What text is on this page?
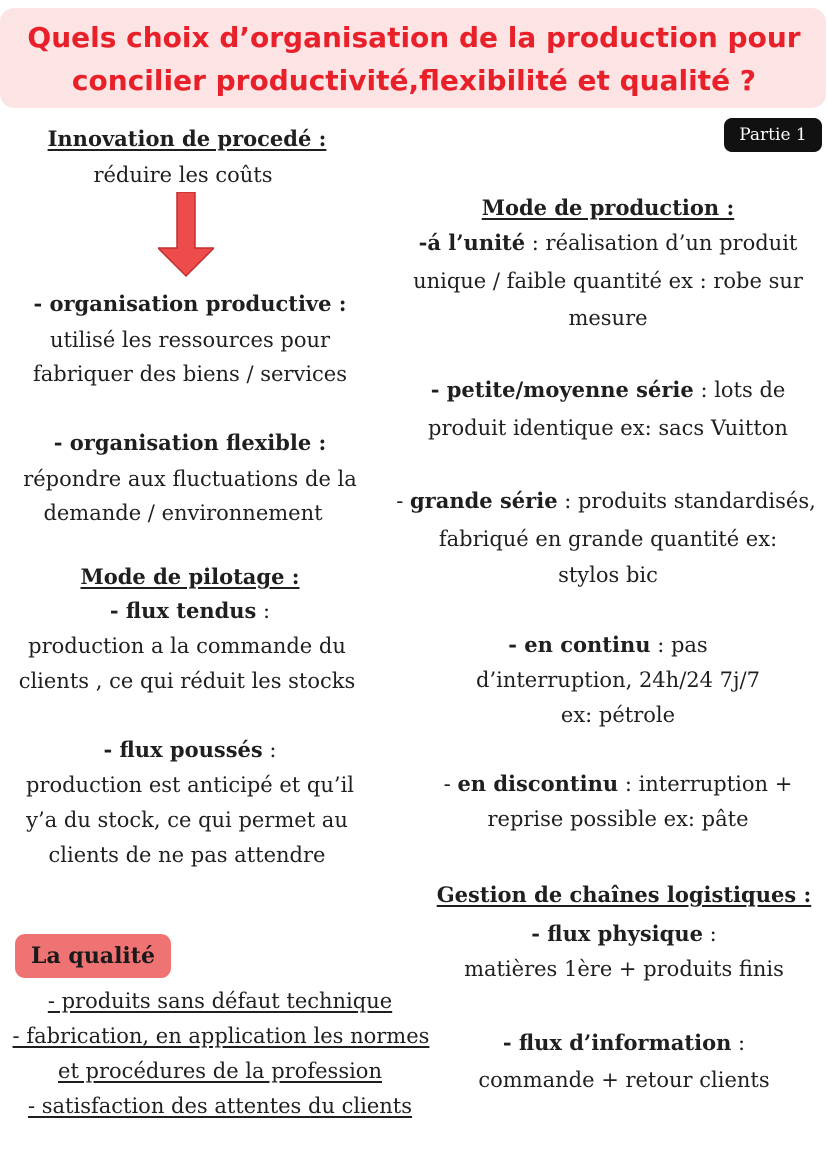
Quels choix d’organisation de la production pour
concilier productivité,flexibilité et qualité ?
Partie 1
Innovation de procedé :
réduire les coûts
- organisation productive :
utilisé les ressources pour
fabriquer des biens / services
- organisation flexible :
répondre aux fluctuations de la
demande / environnement
Mode de pilotage :
- flux tendus :
production a la commande du
clients , ce qui réduit les stocks
- flux poussés :
production est anticipé et qu’il
y’a du stock, ce qui permet au
clients de ne pas attendre
La qualité
- produits sans défaut technique
- fabrication, en application les normes
et procédures de la profession
- satisfaction des attentes du clients
Mode de production :
-á l’unité : réalisation d’un produit
unique / faible quantité ex : robe sur
mesure
- petite/moyenne série : lots de
produit identique ex: sacs Vuitton
- grande série : produits standardisés,
fabriqué en grande quantité ex:
stylos bic
- en continu : pas
d’interruption, 24h/24 7j/7
ex: pétrole
- en discontinu : interruption +
reprise possible ex: pâte
Gestion de chaînes logistiques :
- flux physique :
matières 1ère + produits finis
- flux d’information :
commande + retour clients
